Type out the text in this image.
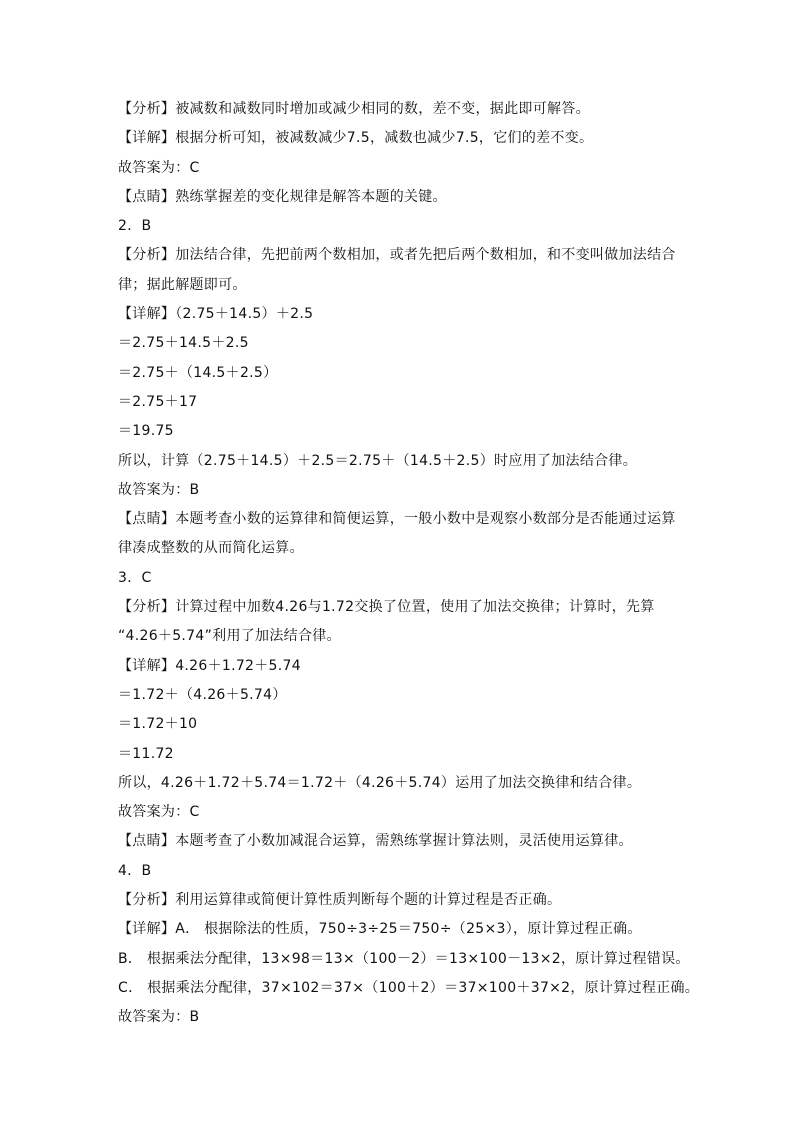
【分析】被减数和减数同时增加或减少相同的数，差不变，据此即可解答。
【详解】根据分析可知，被减数减少7.5，减数也减少7.5，它们的差不变。
故答案为：C
【点睛】熟练掌握差的变化规律是解答本题的关键。
2．B
【分析】加法结合律，先把前两个数相加，或者先把后两个数相加，和不变叫做加法结合
律；据此解题即可。
【详解】（2.75＋14.5）＋2.5
＝2.75＋14.5＋2.5
＝2.75＋（14.5＋2.5）
＝2.75＋17
＝19.75
所以，计算（2.75＋14.5）＋2.5＝2.75＋（14.5＋2.5）时应用了加法结合律。
故答案为：B
【点睛】本题考查小数的运算律和简便运算，一般小数中是观察小数部分是否能通过运算
律凑成整数的从而简化运算。
3．C
【分析】计算过程中加数4.26与1.72交换了位置，使用了加法交换律；计算时，先算
“4.26＋5.74”利用了加法结合律。
【详解】4.26＋1.72＋5.74
＝1.72＋（4.26＋5.74）
＝1.72＋10
＝11.72
所以，4.26＋1.72＋5.74＝1.72＋（4.26＋5.74）运用了加法交换律和结合律。
故答案为：C
【点睛】本题考查了小数加减混合运算，需熟练掌握计算法则，灵活使用运算律。
4．B
【分析】利用运算律或简便计算性质判断每个题的计算过程是否正确。
【详解】A． 根据除法的性质，750÷3÷25＝750÷（25×3），原计算过程正确。
B． 根据乘法分配律，13×98＝13×（100－2）＝13×100－13×2，原计算过程错误。
C． 根据乘法分配律，37×102＝37×（100＋2）＝37×100＋37×2，原计算过程正确。
故答案为：B
